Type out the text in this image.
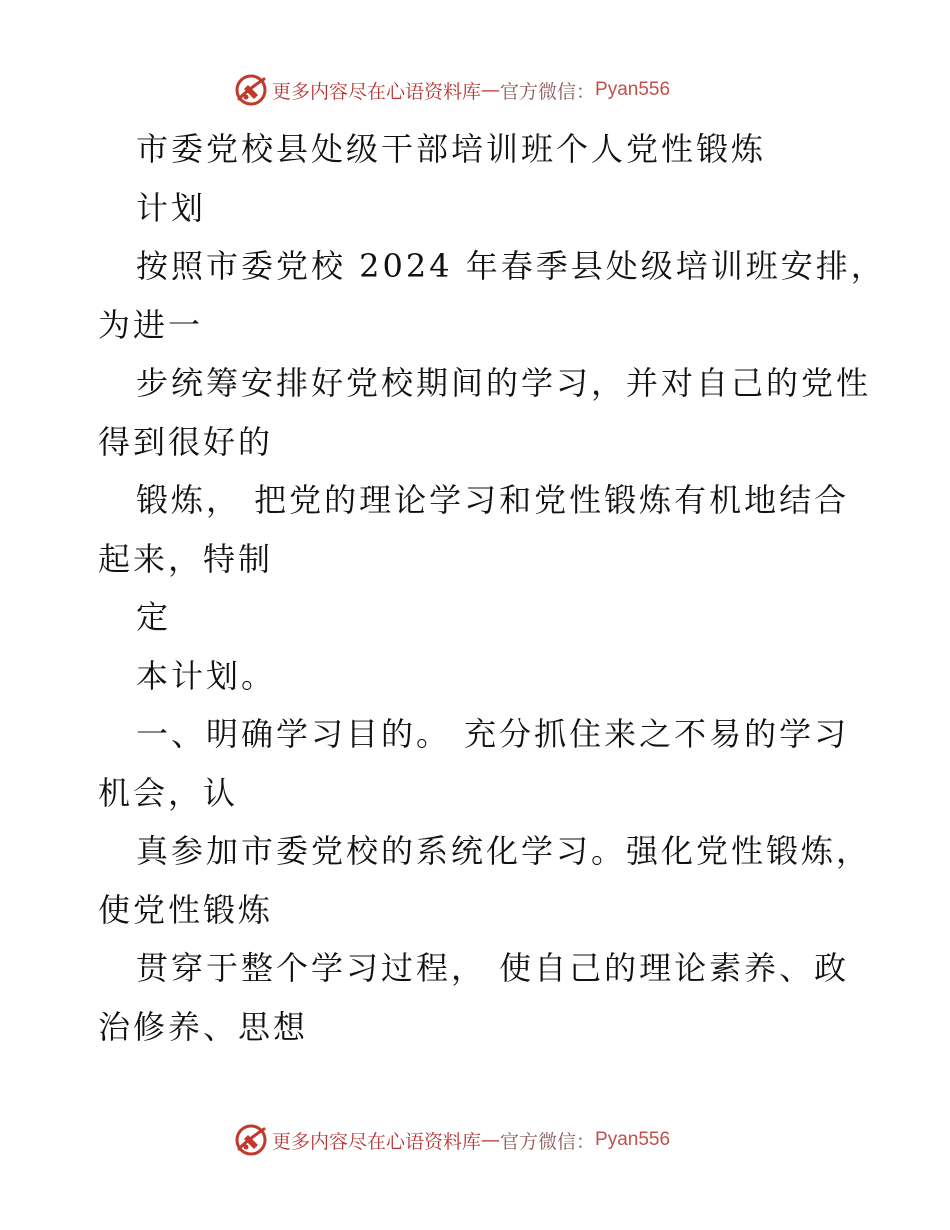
更多内容尽在心语资料库 — 官方微信： Pyan556
市委党校县处级干部培训班个人党性锻炼
计划
按照市委党校 2024 年春季县处级培训班安排，
为进一
步统筹安排好党校期间的学习，并对自己的党性
得到很好的
锻炼， 把党的理论学习和党性锻炼有机地结合
起来，特制
定
本计划。
一、明确学习目的。 充分抓住来之不易的学习
机会，认
真参加市委党校的系统化学习。强化党性锻炼，
使党性锻炼
贯穿于整个学习过程， 使自己的理论素养、政
治修养、思想
更多内容尽在心语资料库 — 官方微信： Pyan556
